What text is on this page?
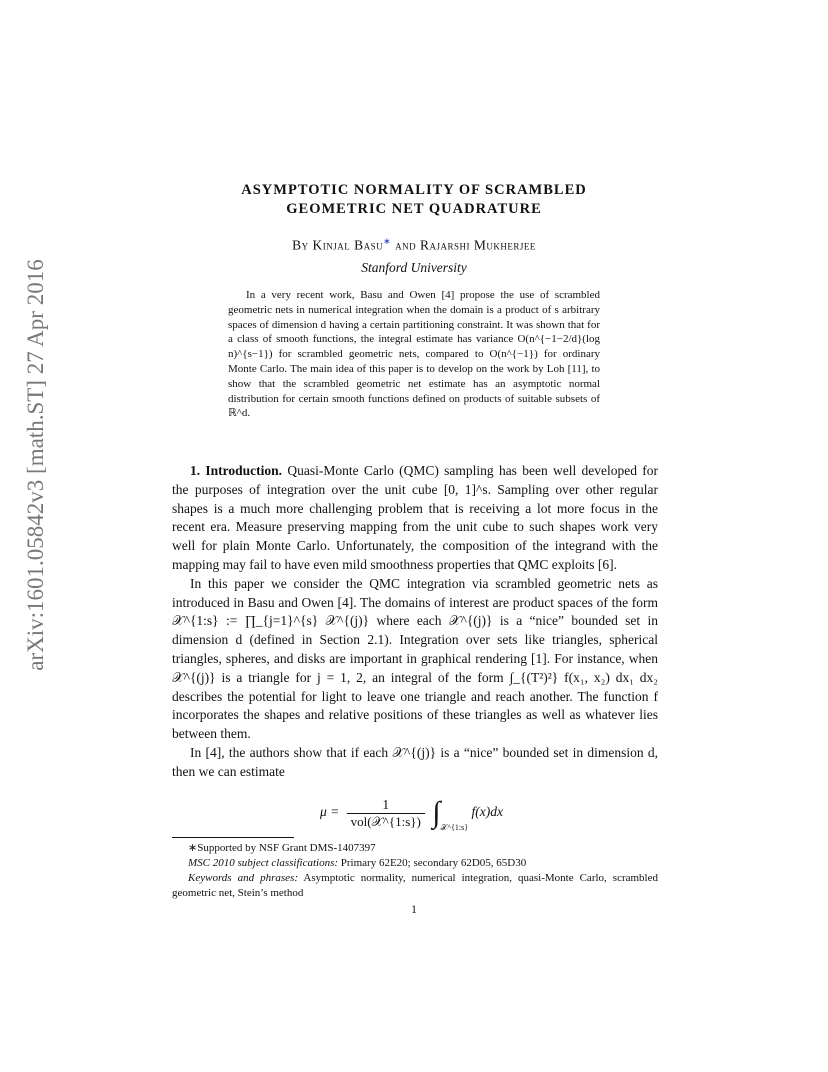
arXiv:1601.05842v3 [math.ST] 27 Apr 2016
ASYMPTOTIC NORMALITY OF SCRAMBLED
GEOMETRIC NET QUADRATURE
By Kinjal Basu∗ and Rajarshi Mukherjee
Stanford University

In a very recent work, Basu and Owen [4] propose the use of scrambled geometric nets in numerical integration when the domain is a product of s arbitrary spaces of dimension d having a certain partitioning constraint. It was shown that for a class of smooth functions, the integral estimate has variance O(n^{−1−2/d}(log n)^{s−1}) for scrambled geometric nets, compared to O(n^{−1}) for ordinary Monte Carlo. The main idea of this paper is to develop on the work by Loh [11], to show that the scrambled geometric net estimate has an asymptotic normal distribution for certain smooth functions defined on products of suitable subsets of ℝ^d.

1. Introduction. Quasi-Monte Carlo (QMC) sampling has been well developed for the purposes of integration over the unit cube [0, 1]^s. Sampling over other regular shapes is a much more challenging problem that is receiving a lot more focus in the recent era. Measure preserving mapping from the unit cube to such shapes work very well for plain Monte Carlo. Unfortunately, the composition of the integrand with the mapping may fail to have even mild smoothness properties that QMC exploits [6].

In this paper we consider the QMC integration via scrambled geometric nets as introduced in Basu and Owen [4]. The domains of interest are product spaces of the form 𝒳^{1:s} := ∏_{j=1}^{s} 𝒳^{(j)} where each 𝒳^{(j)} is a “nice” bounded set in dimension d (defined in Section 2.1). Integration over sets like triangles, spherical triangles, spheres, and disks are important in graphical rendering [1]. For instance, when 𝒳^{(j)} is a triangle for j = 1, 2, an integral of the form ∫_{(T²)²} f(x₁, x₂) dx₁ dx₂ describes the potential for light to leave one triangle and reach another. The function f incorporates the shapes and relative positions of these triangles as well as whatever lies between them.

In [4], the authors show that if each 𝒳^{(j)} is a “nice” bounded set in dimension d, then we can estimate

$\mu = \frac{1}{\text{vol(𝒳\textasciicircum{}\{1:s\})}} \int_{𝒳\^{}\{1:s\}}$ f(x)dx

∗Supported by NSF Grant DMS-1407397

MSC 2010 subject classifications: Primary 62E20; secondary 62D05, 65D30

Keywords and phrases: Asymptotic normality, numerical integration, quasi-Monte Carlo, scrambled geometric net, Stein’s method

1
